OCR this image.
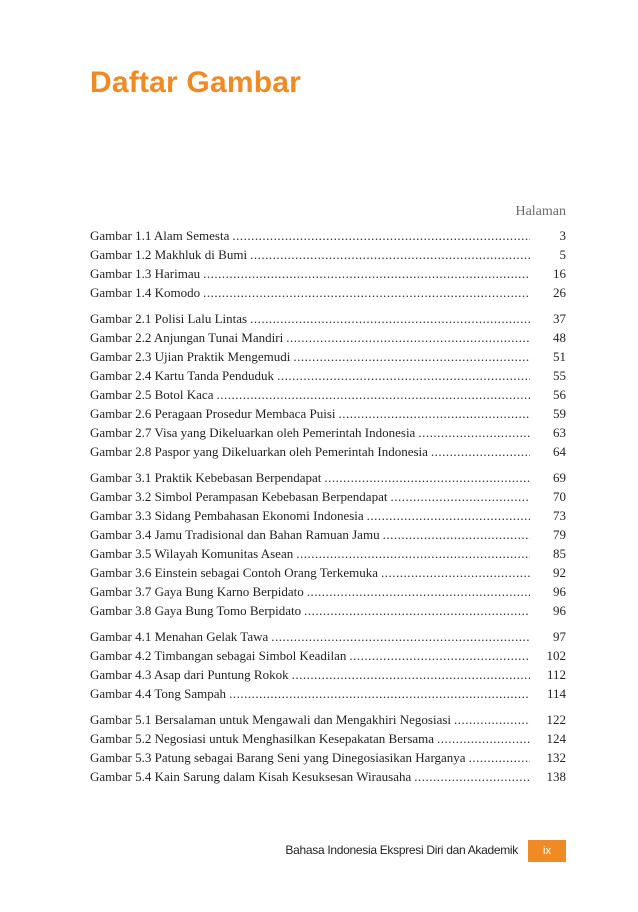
Daftar Gambar
Halaman
Gambar 1.1 Alam Semesta .....	3
Gambar 1.2 Makhluk di Bumi .....	5
Gambar 1.3 Harimau .....	16
Gambar 1.4 Komodo .....	26
Gambar 2.1 Polisi Lalu Lintas .....	37
Gambar 2.2 Anjungan Tunai Mandiri .....	48
Gambar 2.3 Ujian Praktik Mengemudi .....	51
Gambar 2.4 Kartu Tanda Penduduk .....	55
Gambar 2.5 Botol Kaca .....	56
Gambar 2.6 Peragaan Prosedur Membaca Puisi .....	59
Gambar 2.7 Visa yang Dikeluarkan oleh Pemerintah Indonesia .....	63
Gambar 2.8 Paspor yang Dikeluarkan oleh Pemerintah Indonesia .....	64
Gambar 3.1 Praktik Kebebasan Berpendapat .....	69
Gambar 3.2 Simbol Perampasan Kebebasan Berpendapat .....	70
Gambar 3.3 Sidang Pembahasan Ekonomi Indonesia .....	73
Gambar 3.4 Jamu Tradisional dan Bahan Ramuan Jamu .....	79
Gambar 3.5 Wilayah Komunitas Asean .....	85
Gambar 3.6 Einstein sebagai Contoh Orang Terkemuka .....	92
Gambar 3.7 Gaya Bung Karno Berpidato .....	96
Gambar 3.8 Gaya Bung Tomo Berpidato .....	96
Gambar 4.1 Menahan Gelak Tawa .....	97
Gambar 4.2 Timbangan sebagai Simbol Keadilan .....	102
Gambar 4.3 Asap dari Puntung Rokok .....	112
Gambar 4.4 Tong Sampah .....	114
Gambar 5.1 Bersalaman untuk Mengawali dan Mengakhiri Negosiasi .....	122
Gambar 5.2 Negosiasi untuk Menghasilkan Kesepakatan Bersama .....	124
Gambar 5.3 Patung sebagai Barang Seni yang Dinegosiasikan Harganya .....	132
Gambar 5.4 Kain Sarung dalam Kisah Kesuksesan Wirausaha .....	138
Bahasa Indonesia Ekspresi Diri dan Akademik	ix
